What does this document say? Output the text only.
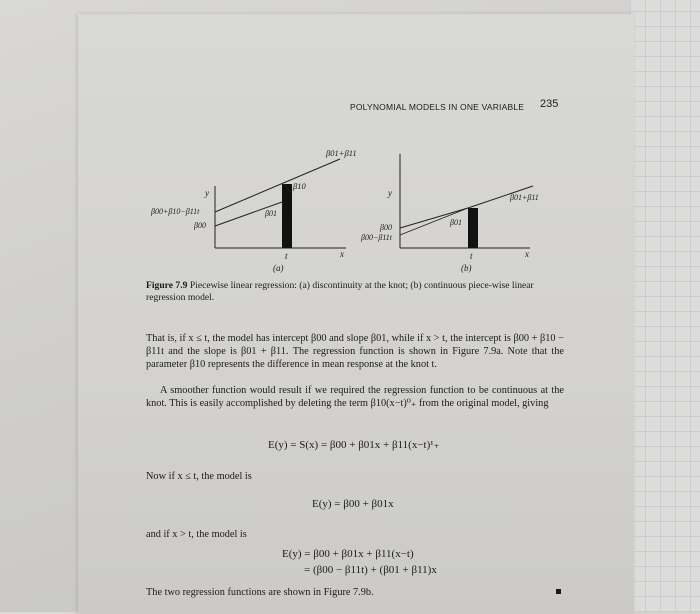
POLYNOMIAL MODELS IN ONE VARIABLE 235
β01+β11
β10
β01
y
β00+β10−β11t
β00
t	x
(a)
β01+β11
β01
y
β00
β00−β11t
t	x
(b)
Figure 7.9 Piecewise linear regression: (a) discontinuity at the knot; (b) continuous piece-wise linear regression model.
That is, if x ≤ t, the model has intercept β00 and slope β01, while if x > t, the intercept is β00 + β10 − β11t and the slope is β01 + β11. The regression function is shown in Figure 7.9a. Note that the parameter β10 represents the difference in mean response at the knot t.
A smoother function would result if we required the regression function to be continuous at the knot. This is easily accomplished by deleting the term β10(x−t)⁰₊ from the original model, giving
E(y) = S(x) = β00 + β01x + β11(x−t)¹₊
Now if x ≤ t, the model is
E(y) = β00 + β01x
and if x > t, the model is
E(y) = β00 + β01x + β11(x−t)
= (β00 − β11t) + (β01 + β11)x
The two regression functions are shown in Figure 7.9b.
